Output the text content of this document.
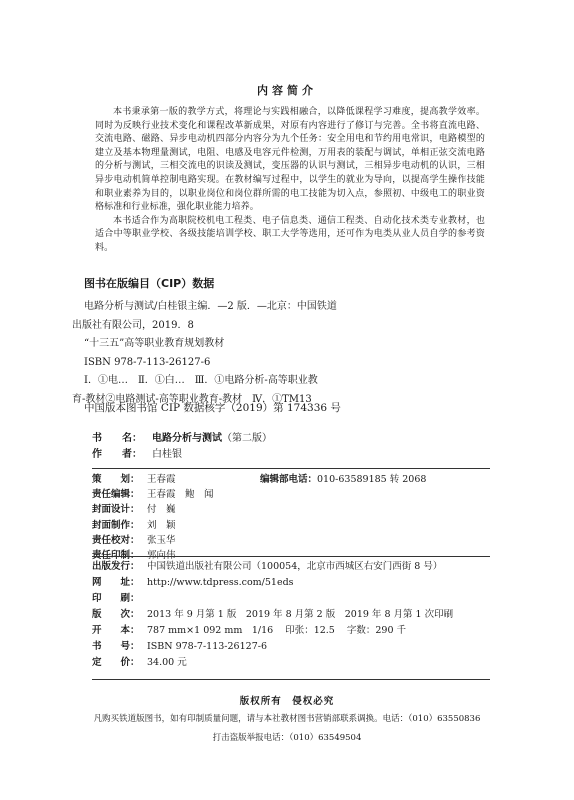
内容简介

本书秉承第一版的教学方式，将理论与实践相融合，以降低课程学习难度，提高教学效率。同时为反映行业技术变化和课程改革新成果，对原有内容进行了修订与完善。全书将直流电路、交流电路、磁路、异步电动机四部分内容分为九个任务：安全用电和节约用电常识，电路模型的建立及基本物理量测试，电阻、电感及电容元件检测，万用表的装配与调试，单相正弦交流电路的分析与测试，三相交流电的识读及测试，变压器的认识与测试，三相异步电动机的认识，三相异步电动机简单控制电路实现。在教材编写过程中，以学生的就业为导向，以提高学生操作技能和职业素养为目的，以职业岗位和岗位群所需的电工技能为切入点，参照初、中级电工的职业资格标准和行业标准，强化职业能力培养。

本书适合作为高职院校机电工程类、电子信息类、通信工程类、自动化技术类专业教材，也适合中等职业学校、各级技能培训学校、职工大学等选用，还可作为电类从业人员自学的参考资料。

图书在版编目（CIP）数据

电路分析与测试/白桂银主编．—2 版．—北京：中国铁道

出版社有限公司，2019．8

“十三五”高等职业教育规划教材

ISBN 978-7-113-26127-6

Ⅰ．①电…　Ⅱ．①白…　Ⅲ．①电路分析-高等职业教

育-教材②电路测试-高等职业教育-教材　Ⅳ．①TM13

中国版本图书馆 CIP 数据核字（2019）第 174336 号
书　　名：	电路分析与测试 （第二版）
作　　者：	白桂银
策　　划： 王春霞	编辑部电话：010-63589185 转 2068
责任编辑： 王春霞　鲍　闻
封面设计： 付　巍
封面制作： 刘　颖
责任校对： 张玉华
责任印制： 郭向伟
出版发行： 中国铁道出版社有限公司（100054，北京市西城区右安门西街 8 号）
网　　址： http://www.tdpress.com/51eds
印　　刷：
版　　次： 2013 年 9 月第 1 版　2019 年 8 月第 2 版　2019 年 8 月第 1 次印刷
开　　本： 787 mm×1 092 mm　1/16 印张：12.5 字数：290 千
书　　号： ISBN 978-7-113-26127-6
定　　价： 34.00 元
版权所有　侵权必究
凡购买铁道版图书，如有印制质量问题，请与本社教材图书营销部联系调换。电话：（010）63550836
打击盗版举报电话：（010）63549504
